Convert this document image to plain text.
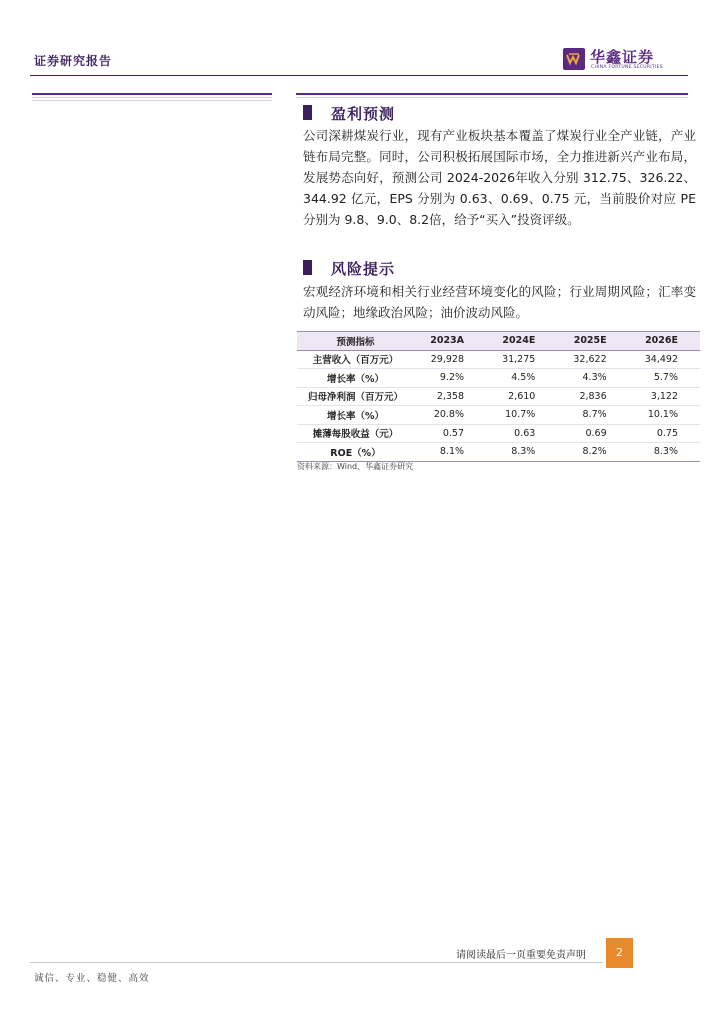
证券研究报告	华鑫证券
CHINA FORTUNE SECURITIES
盈利预测
公司深耕煤炭行业，现有产业板块基本覆盖了煤炭行业全产业链，产业链布局完整。同时，公司积极拓展国际市场，全力推进新兴产业布局，发展势态向好，预测公司 2024-2026年收入分别 312.75、326.22、344.92 亿元，EPS 分别为 0.63、0.69、0.75 元，当前股价对应 PE 分别为 9.8、9.0、8.2倍，给予“买入”投资评级。
风险提示
宏观经济环境和相关行业经营环境变化的风险；行业周期风险；汇率变动风险；地缘政治风险；油价波动风险。
预测指标	2023A	2024E	2025E	2026E
主营收入（百万元）	29,928	31,275	32,622	34,492
增长率（%）	9.2%	4.5%	4.3%	5.7%
归母净利润（百万元）	2,358	2,610	2,836	3,122
增长率（%）	20.8%	10.7%	8.7%	10.1%
摊薄每股收益（元）	0.57	0.63	0.69	0.75
ROE（%）	8.1%	8.3%	8.2%	8.3%
资料来源：Wind、华鑫证券研究
请阅读最后一页重要免责声明	2
诚信、专业、稳健、高效
